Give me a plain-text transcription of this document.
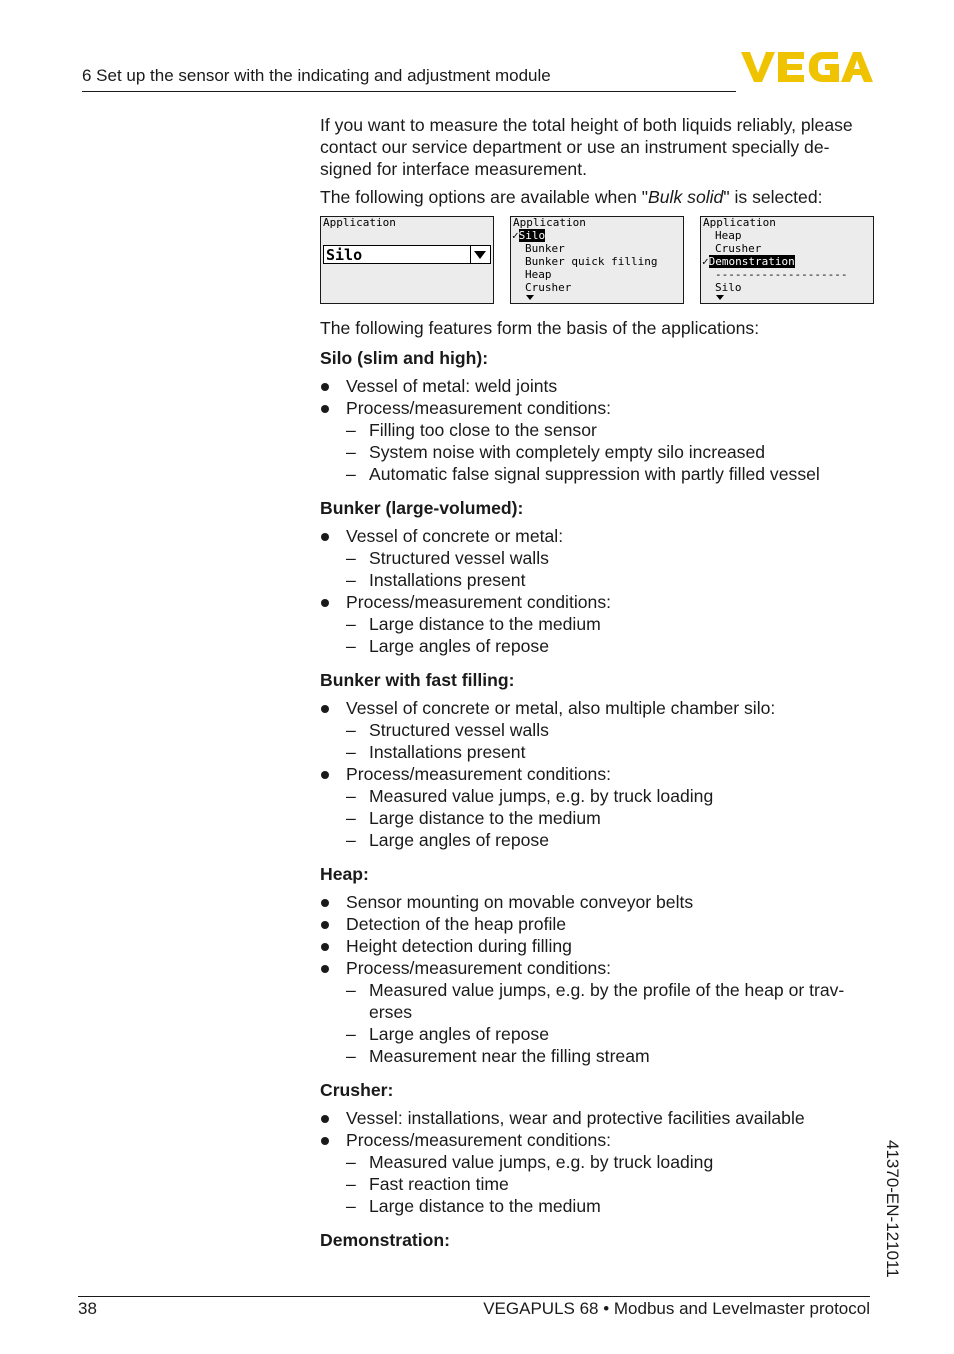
6 Set up the sensor with the indicating and adjustment module

If you want to measure the total height of both liquids reliably, please contact our service department or use an instrument specially de-signed for interface measurement.

The following options are available when "Bulk solid" is selected:

Application
Silo
Application
✓Silo
Bunker
Bunker quick filling
Heap
Crusher
Application
Heap
Crusher
✓Demonstration
--------------------
Silo

The following features form the basis of the applications:

Silo (slim and high):
Vessel of metal: weld joints
Process/measurement conditions:
– Filling too close to the sensor
– System noise with completely empty silo increased
– Automatic false signal suppression with partly filled vessel
Bunker (large-volumed):
Vessel of concrete or metal:
– Structured vessel walls
– Installations present
Process/measurement conditions:
– Large distance to the medium
– Large angles of repose
Bunker with fast filling:
Vessel of concrete or metal, also multiple chamber silo:
– Structured vessel walls
– Installations present
Process/measurement conditions:
– Measured value jumps, e.g. by truck loading
– Large distance to the medium
– Large angles of repose
Heap:
Sensor mounting on movable conveyor belts
Detection of the heap profile
Height detection during filling
Process/measurement conditions:
– Measured value jumps, e.g. by the profile of the heap or trav-erses
– Large angles of repose
– Measurement near the filling stream
Crusher:
Vessel: installations, wear and protective facilities available
Process/measurement conditions:
– Measured value jumps, e.g. by truck loading
– Fast reaction time
– Large distance to the medium
Demonstration:	41370-EN-121011
38	VEGAPULS 68 • Modbus and Levelmaster protocol
